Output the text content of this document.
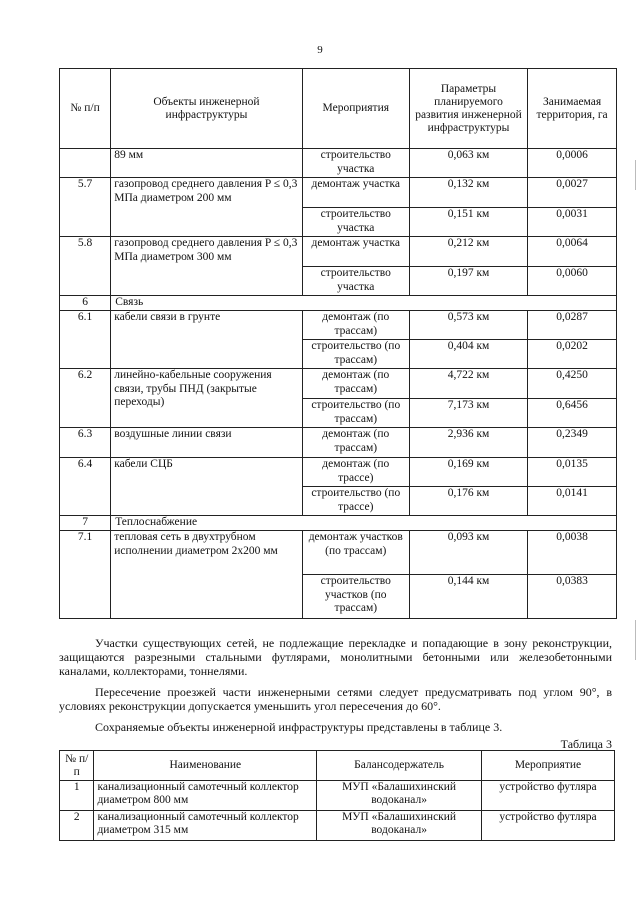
9
№ п/п	Объекты инженерной инфраструктуры	Мероприятия	Параметры планируемого развития инженерной инфраструктуры	Занимаемая территория, га
	89 мм	строительство участка	0,063 км	0,0006
5.7	газопровод среднего давления P ≤ 0,3 МПа диаметром 200 мм	демонтаж участка	0,132 км	0,0027
		строительство участка	0,151 км	0,0031
5.8	газопровод среднего давления P ≤ 0,3 МПа диаметром 300 мм	демонтаж участка	0,212 км	0,0064
		строительство участка	0,197 км	0,0060
6	Связь			
6.1	кабели связи в грунте	демонтаж (по трассам)	0,573 км	0,0287
		строительство (по трассам)	0,404 км	0,0202
6.2	линейно-кабельные сооружения связи, трубы ПНД (закрытые переходы)	демонтаж (по трассам)	4,722 км	0,4250
		строительство (по трассам)	7,173 км	0,6456
6.3	воздушные линии связи	демонтаж (по трассам)	2,936 км	0,2349
6.4	кабели СЦБ	демонтаж (по трассе)	0,169 км	0,0135
		строительство (по трассе)	0,176 км	0,0141
7	Теплоснабжение			
7.1	тепловая сеть в двухтрубном исполнении диаметром 2х200 мм	демонтаж участков (по трассам)	0,093 км	0,0038
		строительство участков (по трассам)	0,144 км	0,0383

Участки существующих сетей, не подлежащие перекладке и попадающие в зону реконструкции, защищаются разрезными стальными футлярами, монолитными бетонными или железобетонными каналами, коллекторами, тоннелями.

Пересечение проезжей части инженерными сетями следует предусматривать под углом 90°, в условиях реконструкции допускается уменьшить угол пересечения до 60°.

Сохраняемые объекты инженерной инфраструктуры представлены в таблице 3.

Таблица 3
№ п/п	Наименование	Балансодержатель	Мероприятие
1	канализационный самотечный коллектор диаметром 800 мм	МУП «Балашихинский водоканал»	устройство футляра
2	канализационный самотечный коллектор диаметром 315 мм	МУП «Балашихинский водоканал»	устройство футляра
